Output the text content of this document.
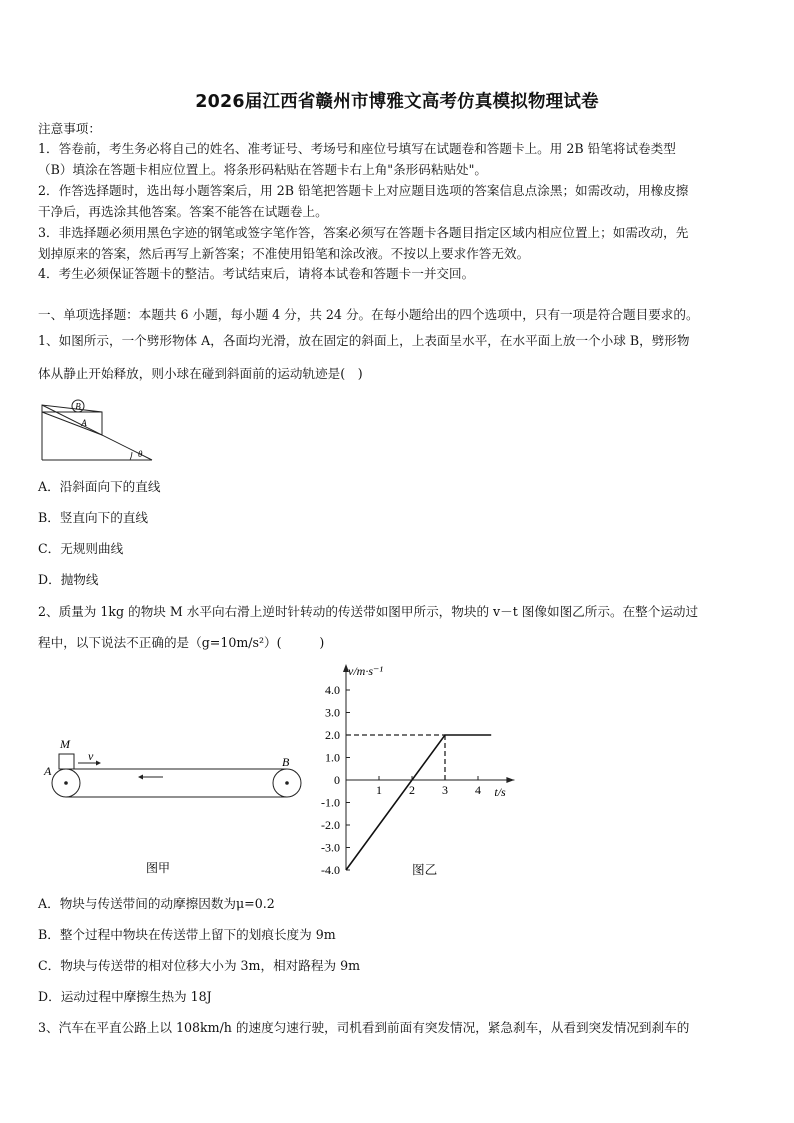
2026届江西省赣州市博雅文高考仿真模拟物理试卷
注意事项：
1．答卷前，考生务必将自己的姓名、准考证号、考场号和座位号填写在试题卷和答题卡上。用 2B 铅笔将试卷类型
（B）填涂在答题卡相应位置上。将条形码粘贴在答题卡右上角"条形码粘贴处"。
2．作答选择题时，选出每小题答案后，用 2B 铅笔把答题卡上对应题目选项的答案信息点涂黑；如需改动，用橡皮擦
干净后，再选涂其他答案。答案不能答在试题卷上。
3．非选择题必须用黑色字迹的钢笔或签字笔作答，答案必须写在答题卡各题目指定区域内相应位置上；如需改动，先
划掉原来的答案，然后再写上新答案；不准使用铅笔和涂改液。不按以上要求作答无效。
4．考生必须保证答题卡的整洁。考试结束后，请将本试卷和答题卡一并交回。
一、单项选择题：本题共 6 小题，每小题 4 分，共 24 分。在每小题给出的四个选项中，只有一项是符合题目要求的。
1、如图所示，一个劈形物体 A，各面均光滑，放在固定的斜面上，上表面呈水平，在水平面上放一个小球 B，劈形物
体从静止开始释放，则小球在碰到斜面前的运动轨迹是(　)
B
A
θ
A．沿斜面向下的直线
B．竖直向下的直线
C．无规则曲线
D．抛物线
2、质量为 1kg 的物块 M 水平向右滑上逆时针转动的传送带如图甲所示，物块的 v－t 图像如图乙所示。在整个运动过
程中，以下说法不正确的是（g=10m/s²）(　　　)
M
v
A
B
图甲
4.0
3.0
2.0
1.0
0
-1.0
-2.0
-3.0
-4.0
1 2 3 4
v/m·s⁻¹
t/s
图乙
A．物块与传送带间的动摩擦因数为μ=0.2
B．整个过程中物块在传送带上留下的划痕长度为 9m
C．物块与传送带的相对位移大小为 3m，相对路程为 9m
D．运动过程中摩擦生热为 18J
3、汽车在平直公路上以 108km/h 的速度匀速行驶，司机看到前面有突发情况，紧急刹车，从看到突发情况到刹车的
